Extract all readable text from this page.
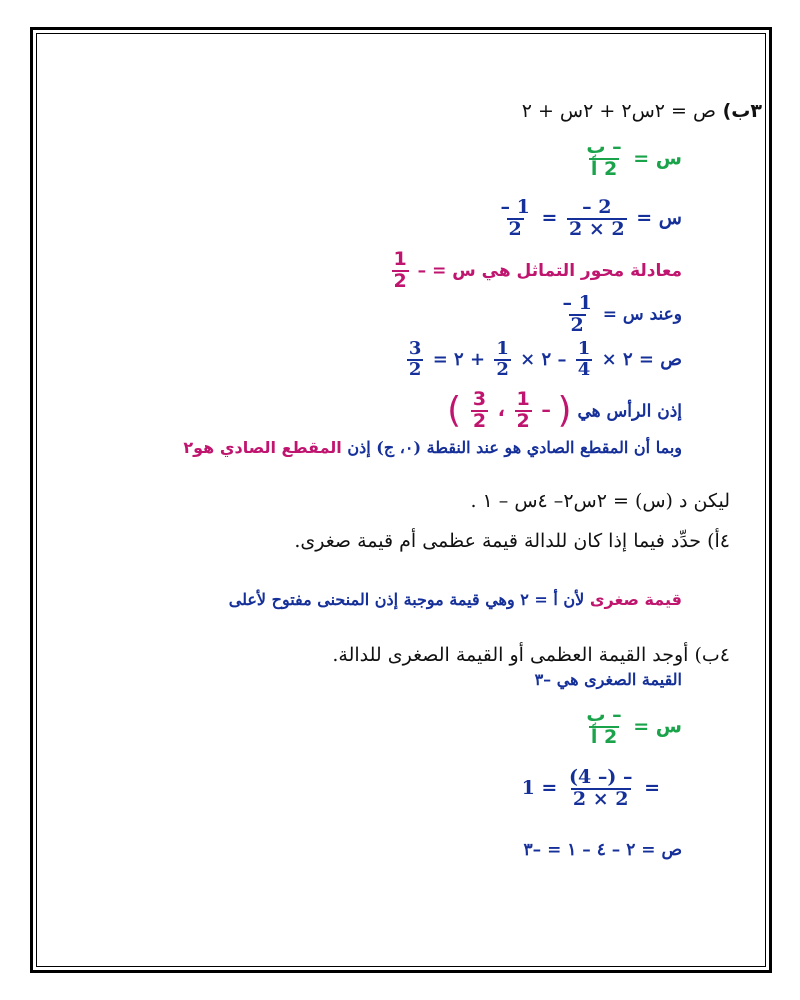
٣ب) ص = ٢س٢ + ٢س + ٢
س =
$\frac{\text{– ب}}{\text{2 أ}}$
س =
$\frac{2 -}{2 \times 2}$
=
$\frac{1 -}{2}$
معادلة محور التماثل هي س = –
$\frac{1}{2}$
وعند س =
$\frac{1 -}{2}$
ص = ٢ ×
$\frac{1}{4}$
– ٢ ×
$\frac{1}{2}$
+ ٢ =
$\frac{3}{2}$
إذن الرأس هي ( –
$\frac{1}{2}$
،
$\frac{3}{2}$
)
وبما أن المقطع الصادي هو عند النقطة (٠، ج) إذن المقطع الصادي هو٢
ليكن د (س) = ٢س٢– ٤س – ١ .
٤أ) حدِّد فيما إذا كان للدالة قيمة عظمى أم قيمة صغرى.
قيمة صغرى لأن أ = ٢ وهي قيمة موجبة إذن المنحنى مفتوح لأعلى
٤ب) أوجد القيمة العظمى أو القيمة الصغرى للدالة.
القيمة الصغرى هي –٣
س =
$\frac{\text{– ب}}{\text{2 أ}}$
=
$\frac{- (- 4)}{2 \times 2}$
= 1
ص = ٢ – ٤ – ١ = –٣
